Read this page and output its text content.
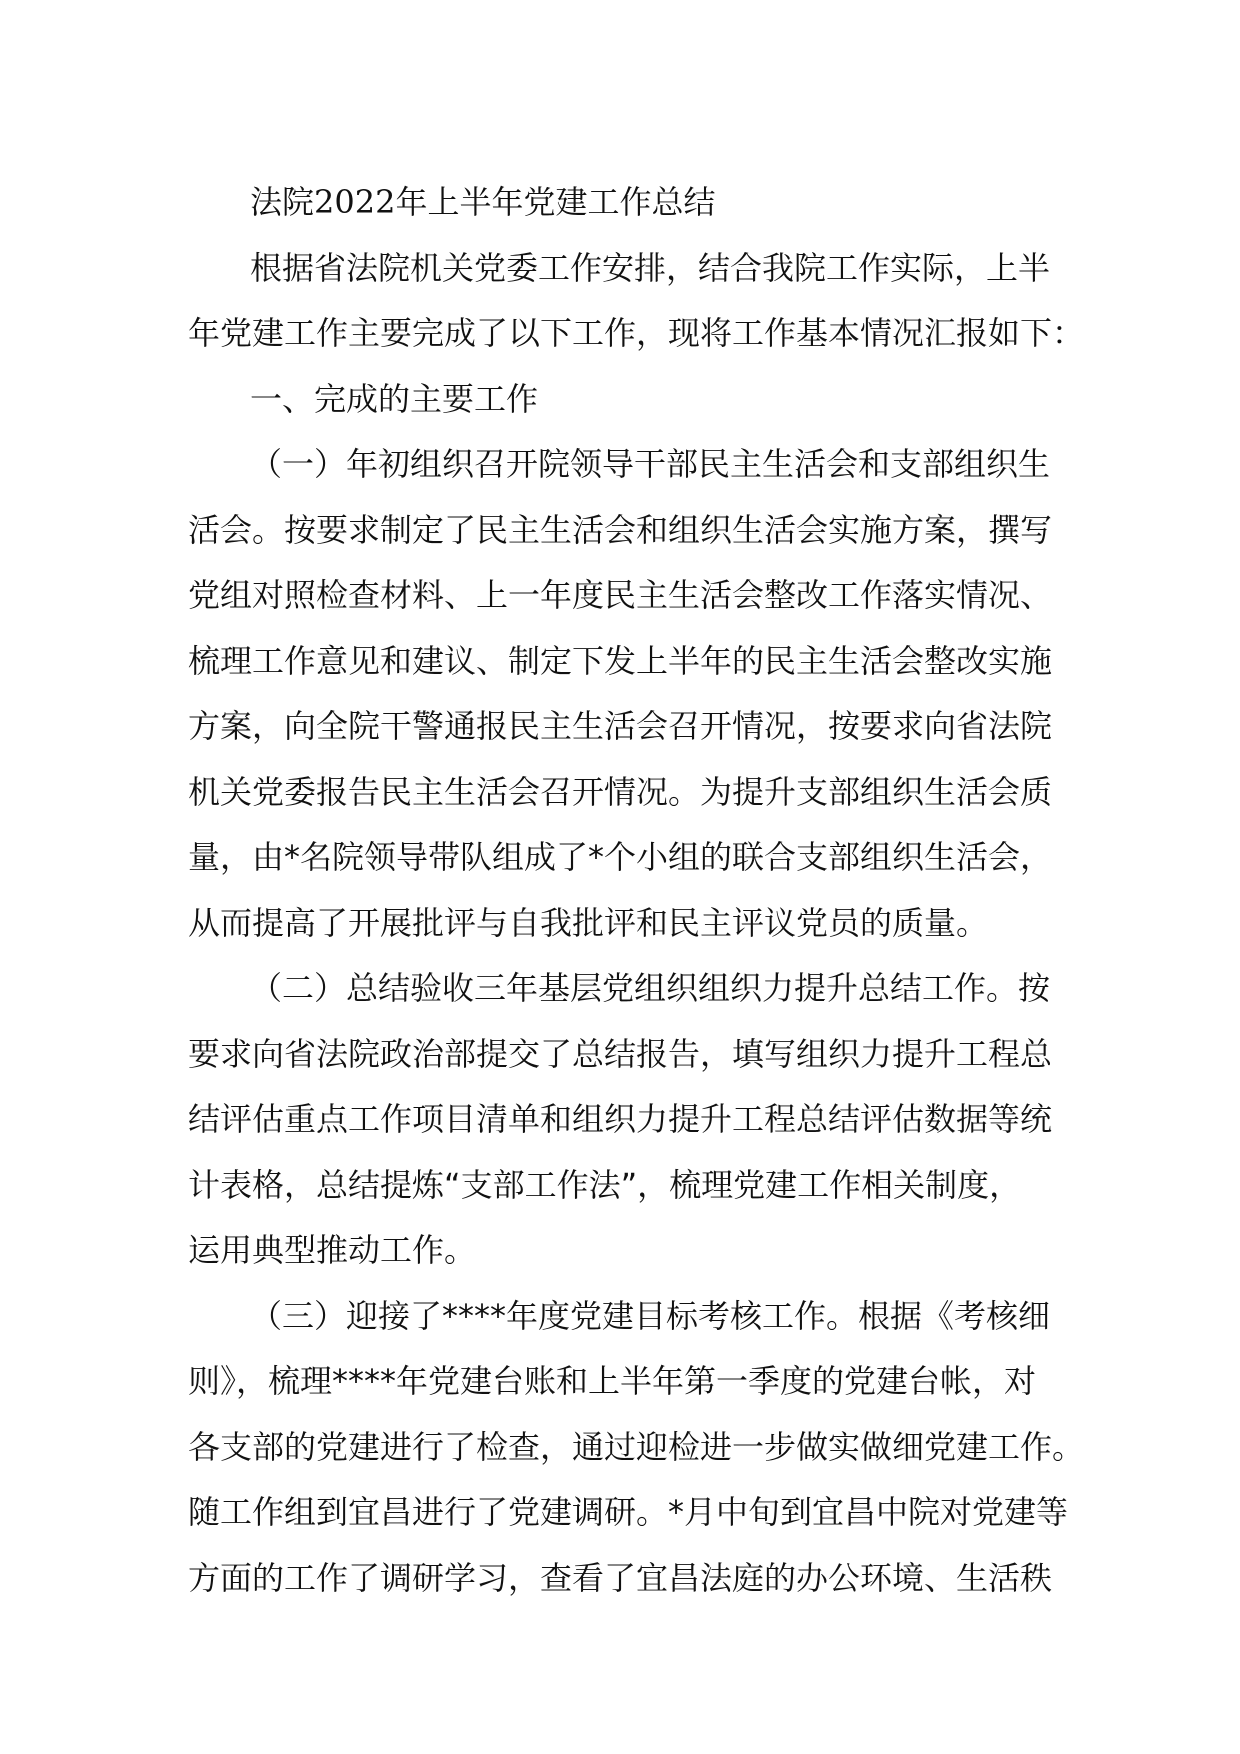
法院2022年上半年党建工作总结
根据省法院机关党委工作安排，结合我院工作实际，上半
年党建工作主要完成了以下工作，现将工作基本情况汇报如下：
一、完成的主要工作
（一）年初组织召开院领导干部民主生活会和支部组织生
活会。按要求制定了民主生活会和组织生活会实施方案，撰写
党组对照检查材料、上一年度民主生活会整改工作落实情况、
梳理工作意见和建议、制定下发上半年的民主生活会整改实施
方案，向全院干警通报民主生活会召开情况，按要求向省法院
机关党委报告民主生活会召开情况。为提升支部组织生活会质
量，由*名院领导带队组成了*个小组的联合支部组织生活会，
从而提高了开展批评与自我批评和民主评议党员的质量。
（二）总结验收三年基层党组织组织力提升总结工作。按
要求向省法院政治部提交了总结报告，填写组织力提升工程总
结评估重点工作项目清单和组织力提升工程总结评估数据等统
计表格，总结提炼“支部工作法”，梳理党建工作相关制度，
运用典型推动工作。
（三）迎接了****年度党建目标考核工作。根据《考核细
则》，梳理****年党建台账和上半年第一季度的党建台帐，对
各支部的党建进行了检查，通过迎检进一步做实做细党建工作。
随工作组到宜昌进行了党建调研。*月中旬到宜昌中院对党建等
方面的工作了调研学习，查看了宜昌法庭的办公环境、生活秩
